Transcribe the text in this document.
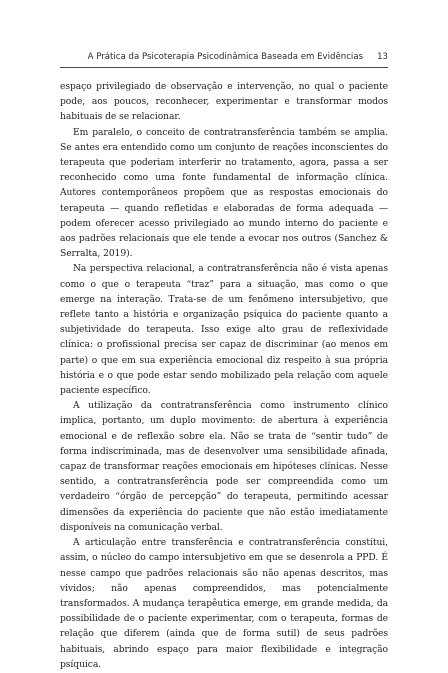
A Prática da Psicoterapia Psicodinâmica Baseada em Evidências 13

espaço privilegiado de observação e intervenção, no qual o paciente pode, aos poucos, reconhecer, experimentar e transformar modos habituais de se relacionar.

Em paralelo, o conceito de contratransferência também se amplia. Se antes era entendido como um conjunto de reações inconscientes do terapeuta que poderiam interferir no tratamento, agora, passa a ser reconhecido como uma fonte fundamental de informação clínica. Autores contemporâneos propõem que as respostas emocionais do terapeuta — quando refletidas e elaboradas de forma adequada — podem oferecer acesso privilegiado ao mundo interno do paciente e aos padrões relacionais que ele tende a evocar nos outros (Sanchez & Serralta, 2019).

Na perspectiva relacional, a contratransferência não é vista apenas como o que o terapeuta “traz” para a situação, mas como o que emerge na interação. Trata-se de um fenômeno intersubjetivo, que reflete tanto a história e organização psíquica do paciente quanto a subjetividade do terapeuta. Isso exige alto grau de reflexividade clínica: o profissional precisa ser capaz de discriminar (ao menos em parte) o que em sua experiência emocional diz respeito à sua própria história e o que pode estar sendo mobilizado pela relação com aquele paciente específico.

A utilização da contratransferência como instrumento clínico implica, portanto, um duplo movimento: de abertura à experiência emocional e de reflexão sobre ela. Não se trata de “sentir tudo” de forma indiscriminada, mas de desenvolver uma sensibilidade afinada, capaz de transformar reações emocionais em hipóteses clínicas. Nesse sentido, a contratransferência pode ser compreendida como um verdadeiro “órgão de percepção” do terapeuta, permitindo acessar dimensões da experiência do paciente que não estão imediatamente disponíveis na comunicação verbal.

A articulação entre transferência e contratransferência constitui, assim, o núcleo do campo intersubjetivo em que se desenrola a PPD. É nesse campo que padrões relacionais são não apenas descritos, mas vividos; não apenas compreendidos, mas potencialmente transformados. A mudança terapêutica emerge, em grande medida, da possibilidade de o paciente experimentar, com o terapeuta, formas de relação que diferem (ainda que de forma sutil) de seus padrões habituais, abrindo espaço para maior flexibilidade e integração psíquica.
